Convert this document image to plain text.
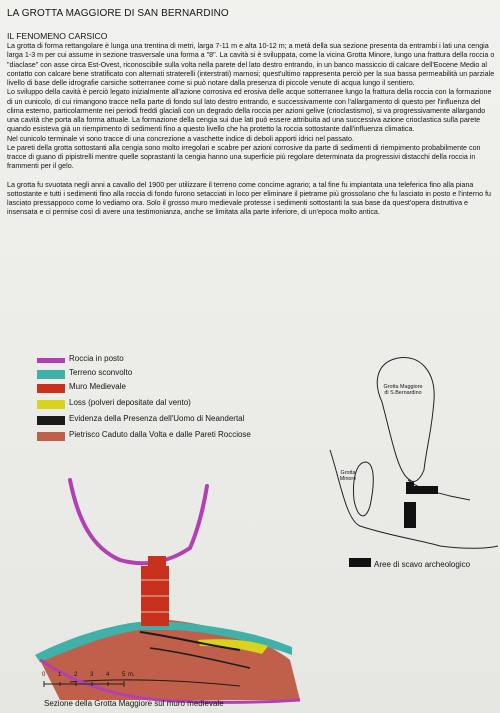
LA GROTTA MAGGIORE DI SAN BERNARDINO
IL FENOMENO CARSICO

La grotta di forma rettangolare è lunga una trentina di metri, larga 7-11 m e alta 10-12 m; a metà della sua sezione presenta da entrambi i lati una cengia larga 1-3 m per cui assume in sezione trasversale una forma a "8". La cavità si è sviluppata, come la vicina Grotta Minore, lungo una frattura della roccia o "diaclase" con asse circa Est-Ovest, riconoscibile sulla volta nella parete del lato destro entrando, in un banco massiccio di calcare dell'Eocene Medio al contatto con calcare bene stratificato con alternati straterelli (interstrati) marnosi; quest'ultimo rappresenta perciò per la sua bassa permeabilità un parziale livello di base delle idrografie carsiche sotterranee come si può notare dalla presenza di piccole venute di acqua lungo il sentiero.

Lo sviluppo della cavità è perciò legato inizialmente all'azione corrosiva ed erosiva delle acque sotterranee lungo la frattura della roccia con la formazione di un cunicolo, di cui rimangono tracce nella parte di fondo sul lato destro entrando, e successivamente con l'allargamento di questo per l'influenza del clima esterno, particolarmente nei periodi freddi glaciali con un degrado della roccia per azioni gelive (crioclastismo), si va progressivamente allargando una cavità che porta alla forma attuale. La formazione della cengia sui due lati può essere attribuita ad una successiva azione crioclastica sulla parete quando esisteva già un riempimento di sedimenti fino a questo livello che ha protetto la roccia sottostante dall'influenza climatica.

Nel cunicolo terminale vi sono tracce di una concrezione a vaschette indice di deboli apporti idrici nel passato.

Le pareti della grotta sottostanti alla cengia sono molto irregolari e scabre per azioni corrosive da parte di sedimenti di riempimento probabilmente con tracce di guano di pipistrelli mentre quelle soprastanti la cengia hanno una superficie più regolare determinata da progressivi distacchi della roccia in frammenti per il gelo.

La grotta fu svuotata negli anni a cavallo del 1900 per utilizzare il terreno come concime agrario; a tal fine fu impiantata una teleferica fino alla piana sottostante e tutti i sedimenti fino alla roccia di fondo furono setacciati in loco per eliminare il pietrame più grossolano che fu lasciato in posto e l'interno fu lasciato pressappoco come lo vediamo ora. Solo il grosso muro medievale protesse i sedimenti sottostanti la sua base da quest'opera distruttiva e insensata e ci permise così di avere una testimonianza, anche se limitata alla parte inferiore, di un'epoca molto antica.

Roccia in posto
Terreno sconvolto
Muro Medievale
Loss (polveri depositate dal vento)
Evidenza della Presenza dell'Uomo di Neandertal
Pietrisco Caduto dalla Volta e dalle Pareti Rocciose
Grotta Maggiore di S.Bernardino
Grotta Minore
Aree di scavo archeologico
0 1 2 3 4 5 m.
Sezione della Grotta Maggiore sul muro medievale
